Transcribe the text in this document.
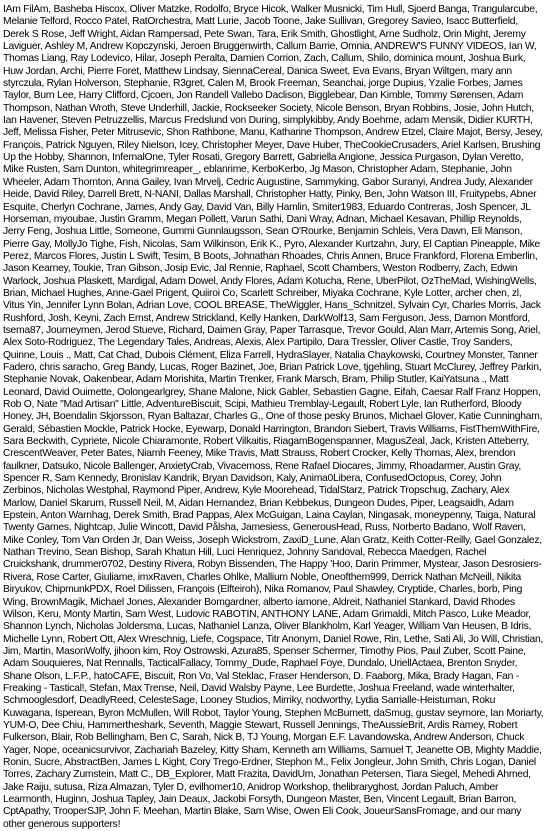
IAm FilAm, Basheba Hiscox, Oliver Matzke, Rodolfo, Bryce Hicok, Walker Musnicki, Tim Hull, Sjoerd Banga, Trangularcube, Melanie Telford, Rocco Patel, RatOrchestra, Matt Lurie, Jacob Toone, Jake Sullivan, Gregorey Savieo, Isacc Butterfield, Derek S Rose, Jeff Wright, Aidan Rampersad, Pete Swan, Tara, Erik Smith, Ghostlight, Arne Sudholz, Orin Might, Jeremy Laviguer, Ashley M, Andrew Kopczynski, Jeroen Bruggenwirth, Callum Barrie, Omnia, ANDREW'S FUNNY VIDEOS, Ian W, Thomas Liang, Ray Lodevico, Hilar, Joseph Peralta, Damien Corrion, Zach, Callum, Shilo, dominica mount, Joshua Burk, Huw Jordan, Archi, Pierre Foret, Matthew Lindsay, SiennaCereal, Danica Sweet, Eva Evans, Bryan Wiltgen, mary ann styrczula, Rylan Holverson, Stephanie, R3gret, Calen M, Brook Freeman, Seanchai, jorge Dupius, Yzalie Forbes, James Taylor, Burn Lee, Harry Clifford, Cjcoen, Jon Randell Vallebo Daclison, Bigglebear, Dan Kimble, Tommy Sørensen, Adam Thompson, Nathan Wroth, Steve Underhill, Jackie, Rockseeker Society, Nicole Benson, Bryan Robbins, Josie, John Hutch, Ian Havener, Steven Petruzzellis, Marcus Fredslund von During, simplykibby, Andy Boehme, adam Mensik, Didier KURTH, Jeff, Melissa Fisher, Peter Mitrusevic, Shon Rathbone, Manu, Katharine Thompson, Andrew Etzel, Claire Majot, Bersy, Jesey, François, Patrick Nguyen, Riley Nielson, Icey, Christopher Meyer, Dave Huber, TheCookieCrusaders, Ariel Karlsen, Brushing Up the Hobby, Shannon, InfernalOne, Tyler Rosati, Gregory Barrett, Gabriella Angione, Jessica Purgason, Dylan Veretto, Mike Rusten, Sam Dunton, whitegrimreaper_, eblanrime, KerboKerbo, Jg Mason, Christopher Adam, Stephanie, John Wheeler, Adam Thornton, Anna Gailey, Ivan Mrvelj, Cedric Augustine, Sammyking, Gabor Suranyi, Andrea Judy, Alexander Heide, David Riley, Darrell Brett, N-NANI, Dallas Marshall, Christopher Hatty, Pinky, Ben, John Watson III, Fruitypebs, Abner Esquite, Cherlyn Cochrane, James, Andy Gay, David Van, Billy Hamlin, Smiter1983, Eduardo Contreras, Josh Spencer, JL Horseman, myoubae, Justin Gramm, Megan Pollett, Varun Sathi, Dani Wray, Adnan, Michael Kesavan, Phillip Reynolds, Jerry Feng, Joshua Little, Someone, Gummi Gunnlaugsson, Sean O'Rourke, Benjamin Schleis, Vera Dawn, Eli Manson, Pierre Gay, MollyJo Tighe, Fish, Nicolas, Sam Wilkinson, Erik K., Pyro, Alexander Kurtzahn, Jury, El Captian Pineapple, Mike Perez, Marcos Flores, Justin L Swift, Tesim, B Boots, Johnathan Rhoades, Chris Annen, Bruce Frankford, Florena Emberlin, Jason Kearney, Toukie, Tran Gibson, Josip Evic, Jal Rennie, Raphael, Scott Chambers, Weston Rodberry, Zach, Edwin Warlock, Joshua Plaskett, Mardigal, Adam Dowel, Andy Flores, Adam Kotucha, Rene, UberPilot, OzTheMad, WishingWells, Brian, Michael Hughes, Anne-Gael Prigent, Quiiroi Co, Scarlett Schreiber, Miyaka Cochrane, Kyle Lotter, archer chen, zl, Vitus Yin, Jennifer Lynn Bolan, Adrian Love, COOL BREASE, TheWiggler, Hans_Schnitzel, Sylvain Cyr, Charles Morris, Jack Rushford, Josh, Keyni, Zach Ernst, Andrew Strickland, Kelly Hanken, DarkWolf13, Sam Ferguson, Jess, Damon Montford, tsema87, Journeymen, Jerod Stueve, Richard, Daimen Gray, Paper Tarrasque, Trevor Gould, Alan Marr, Artemis Song, Ariel, Alex Soto-Rodriguez, The Legendary Tales, Andreas, Alexis, Alex Partipilo, Dara Tressler, Oliver Castle, Troy Sanders, Quinne, Louis ., Matt, Cat Chad, Dubois Clément, Eliza Farrell, HydraSlayer, Natalia Chaykowski, Courtney Monster, Tanner Fadero, chris saracho, Greg Bandy, Lucas, Roger Bazinet, Joe, Brian Patrick Love, tjgehling, Stuart McClurey, Jeffrey Parkin, Stephanie Novak, Oakenbear, Adam Morishita, Martin Trenker, Frank Marsch, Bram, Philip Stutler, KaiYatsuna ., Matt Leonard, David Ouimette, Oolongearlgrey, Shane Malone, Nick Gabler, Sebastien Gagne, Eifah, Caesar Ralf Franz Hoppen, Rob O, Nate "Mad Artisan" Little, AdventureBiscuit, Scipi, Mathieu Tremblay-Legault, Robert Lyle, Ian Rutherford, Bloody Honey, JH, Boendalin Skjorsson, Ryan Baltazar, Charles G., One of those pesky Brunos, Michael Glover, Katie Cunningham, Gerald, Sébastien Mockle, Patrick Hocke, Eyewarp, Donald Harrington, Brandon Siebert, Travis Williams, FistThemWithFire, Sara Beckwith, Cypriete, Nicole Chiaramonte, Robert Vilkaitis, RiagamBogenspanner, MagusZeal, Jack, Kristen Atteberry, CrescentWeaver, Peter Bates, Niamh Feeney, Mike Travis, Matt Strauss, Robert Crocker, Kelly Thomas, Alex, brendon faulkner, Datsuko, Nicole Ballenger, AnxietyCrab, Vivacemoss, Rene Rafael Diocares, Jimmy, Rhoadarmer, Austin Gray, Spencer R, Sam Kennedy, Bronislav Kandrik, Bryan Davidson, Kaly, Anima0Libera, ConfusedOctopus, Corey, John Zerbinos, Nicholas Westphal, Raymond Piper, Andrew, Kyle Moorehead, TidalStarz, Patrick Tropschug, Zachary, Alex Marlow, Daniel Skarum, Russell Neil, M, Aidan Hernandez, Brian Kebbekus, Dungeon Dudes, Piper, Leagsaidh, Adam Epstein, Anton Warnhag, Derek Smith, Brad Pappas, Alex McGuigan, Laina Caylan, Ningasak, moneypenny, Taiga, Natural Twenty Games, Nightcap, Julie Wincott, David Pålsha, Jamesiess, GenerousHead, Russ, Norberto Badano, Wolf Raven, Mike Conley, Tom Van Orden Jr, Dan Weiss, Joseph Wickstrom, ZaxiD_Lune, Alan Gratz, Keith Cotter-Reilly, Gael Gonzalez, Nathan Trevino, Sean Bishop, Sarah Khatun Hill, Luci Henriquez, Johnny Sandoval, Rebecca Maedgen, Rachel Cruickshank, drummer0702, Destiny Rivera, Robyn Bissenden, The Happy 'Hoo, Darin Primmer, Mystear, Jason Desrosiers-Rivera, Rose Carter, Giuliame, imxRaven, Charles Ohlke, Mallium Noble, Oneofthem999, Derrick Nathan McNeill, Nikita Biryukov, ChipmunkPDX, Roel Dilissen, François (Elfteiroh), Nika Romanov, Paul Shawley, Cryptide, Charles, borb, Ping Wing, BrownMagik, Michael Jones, Alexander Bomgardner, alberto iamone, Aldreit, Nathaniel Stankard, David Rhodes Wilson, Keru, Monty Martin, Sam West, Ludovic RABOTIN, ANTHONY LANE, Adam Grimaldi, Mitch Pasco, Luke Meador, Shannon Lynch, Nicholas Joldersma, Lucas, Nathaniel Lanza, Oliver Blankholm, Karl Yeager, William Van Heusen, B Idris, Michelle Lynn, Robert Ott, Alex Wreschnig, Liefe, Cogspace, Titr Anonym, Daniel Rowe, Rin, Lethe, Sati Ali, Jo Will, Christian, Jim, Martin, MasonWolfy, jihoon kim, Roy Ostrowski, Azura85, Spenser Schermer, Timothy Pios, Paul Zuber, Scott Paine, Adam Souquieres, Nat Rennalls, TacticalFallacy, Tommy_Dude, Raphael Foye, Dundalo, UriellActaea, Brenton Snyder, Shane Olson, L.F.P., hatoCAFE, Biscuit, Ron Vo, Val Steklac, Fraser Henderson, D. Faaborg, Mika, Brady Hagan, Fan - Freaking - Tastical!, Stefan, Max Trense, Neil, David Walsby Payne, Lee Burdette, Joshua Freeland, wade winterhalter, Schmooglesdorf, DeadlyReed, CelesteSage, Looney Studios, Mirriky, nodworthy, Lydia Sarrialle-Heistuman, Roku Kuwagana, Isperean, Byron McMullen, Will Robot, Taylor Young, Stephen McBurnett, daSmug, gustav seymore, Ian Moriarty, YUM-O, Dee Chiu, Hammertheshark, Seventh, Maggie Stewart, Russell Jennings, TheAussieBrit, Ardis Ramey, Robert Fulkerson, Blair, Rob Bellingham, Ben C, Sarah, Nick B, TJ Young, Morgan E.F. Lavandowska, Andrew Anderson, Chuck Yager, Nope, oceanicsurvivor, Zachariah Bazeley, Kitty Sham, Kenneth am Williams, Samuel T, Jeanette OB, Mighty Maddie, Ronin, Sucre, AbstractBen, James L Kight, Cory Trego-Erdner, Stephon M., Felix Jongleur, John Smith, Chris Logan, Daniel Torres, Zachary Zumstein, Matt C., DB_Explorer, Matt Frazita, DavidUm, Jonathan Petersen, Tiara Siegel, Mehedi Ahmed, Jake Raiju, sutusa, Riza Almazan, Tyler D, evilhomer10, Anidrop Workshop, thelibraryghost, Jordan Paluch, Amber Learmonth, Huginn, Joshua Tapley, Jain Deaux, Jackobi Forsyth, Dungeon Master, Ben, Vincent Legault, Brian Barron, CptApathy, TrooperSJP, John F. Meehan, Martin Blake, Sam Wise, Owen Eli Cook, JoueurSansFromage, and our many other generous supporters!
